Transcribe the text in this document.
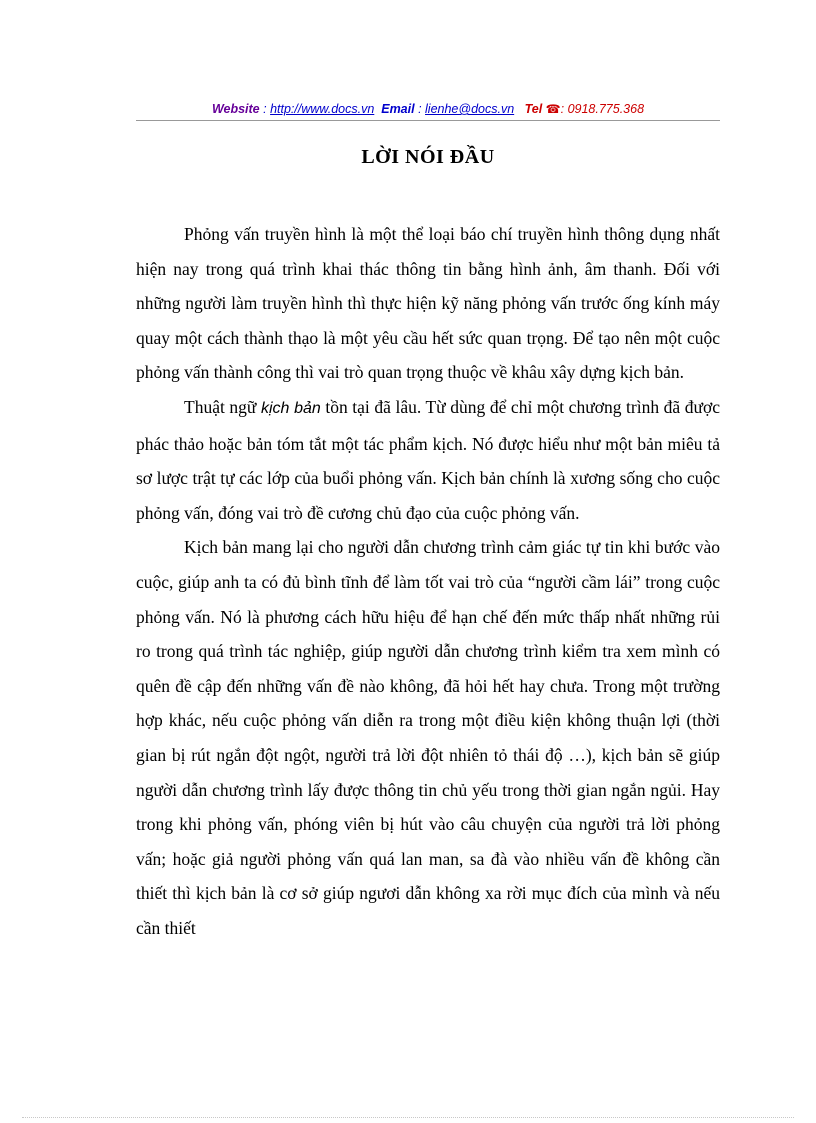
Website : http://www.docs.vn Email : lienhe@docs.vn Tel ☎: 0918.775.368
LỜI NÓI ĐẦU

Phỏng vấn truyền hình là một thể loại báo chí truyền hình thông dụng nhất hiện nay trong quá trình khai thác thông tin bằng hình ảnh, âm thanh. Đối với những người làm truyền hình thì thực hiện kỹ năng phỏng vấn trước ống kính máy quay một cách thành thạo là một yêu cầu hết sức quan trọng. Để tạo nên một cuộc phỏng vấn thành công thì vai trò quan trọng thuộc về khâu xây dựng kịch bản.

Thuật ngữ kịch bản tồn tại đã lâu. Từ dùng để chỉ một chương trình đã được phác thảo hoặc bản tóm tắt một tác phẩm kịch. Nó được hiểu như một bản miêu tả sơ lược trật tự các lớp của buổi phỏng vấn. Kịch bản chính là xương sống cho cuộc phỏng vấn, đóng vai trò đề cương chủ đạo của cuộc phỏng vấn.

Kịch bản mang lại cho người dẫn chương trình cảm giác tự tin khi bước vào cuộc, giúp anh ta có đủ bình tĩnh để làm tốt vai trò của “người cầm lái” trong cuộc phỏng vấn. Nó là phương cách hữu hiệu để hạn chế đến mức thấp nhất những rủi ro trong quá trình tác nghiệp, giúp người dẫn chương trình kiểm tra xem mình có quên đề cập đến những vấn đề nào không, đã hỏi hết hay chưa. Trong một trường hợp khác, nếu cuộc phỏng vấn diễn ra trong một điều kiện không thuận lợi (thời gian bị rút ngắn đột ngột, người trả lời đột nhiên tỏ thái độ …), kịch bản sẽ giúp người dẫn chương trình lấy được thông tin chủ yếu trong thời gian ngắn ngủi. Hay trong khi phỏng vấn, phóng viên bị hút vào câu chuyện của người trả lời phỏng vấn; hoặc giả người phỏng vấn quá lan man, sa đà vào nhiều vấn đề không cần thiết thì kịch bản là cơ sở giúp ngươi dẫn không xa rời mục đích của mình và nếu cần thiết
